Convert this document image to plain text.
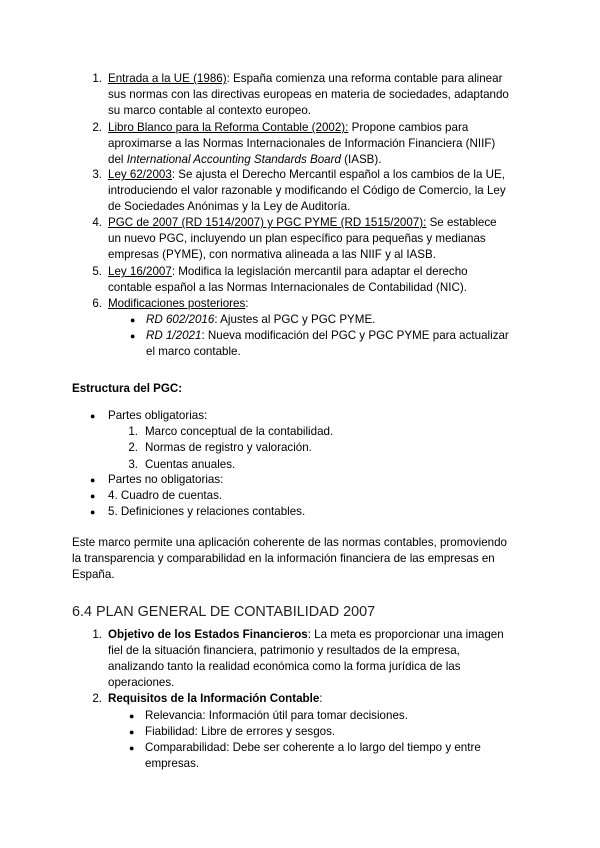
1. Entrada a la UE (1986): España comienza una reforma contable para alinear
sus normas con las directivas europeas en materia de sociedades, adaptando
su marco contable al contexto europeo.
2. Libro Blanco para la Reforma Contable (2002): Propone cambios para
aproximarse a las Normas Internacionales de Información Financiera (NIIF)
del International Accounting Standards Board (IASB).
3. Ley 62/2003: Se ajusta el Derecho Mercantil español a los cambios de la UE,
introduciendo el valor razonable y modificando el Código de Comercio, la Ley
de Sociedades Anónimas y la Ley de Auditoría.
4. PGC de 2007 (RD 1514/2007) y PGC PYME (RD 1515/2007): Se establece
un nuevo PGC, incluyendo un plan específico para pequeñas y medianas
empresas (PYME), con normativa alineada a las NIIF y al IASB.
5. Ley 16/2007: Modifica la legislación mercantil para adaptar el derecho
contable español a las Normas Internacionales de Contabilidad (NIC).
6. Modificaciones posteriores:
● RD 602/2016: Ajustes al PGC y PGC PYME.
● RD 1/2021: Nueva modificación del PGC y PGC PYME para actualizar
el marco contable.
Estructura del PGC:
● Partes obligatorias:
1. Marco conceptual de la contabilidad.
2. Normas de registro y valoración.
3. Cuentas anuales.
● Partes no obligatorias:
● 4. Cuadro de cuentas.
● 5. Definiciones y relaciones contables.
Este marco permite una aplicación coherente de las normas contables, promoviendo
la transparencia y comparabilidad en la información financiera de las empresas en
España.
6.4 PLAN GENERAL DE CONTABILIDAD 2007
1. Objetivo de los Estados Financieros: La meta es proporcionar una imagen
fiel de la situación financiera, patrimonio y resultados de la empresa,
analizando tanto la realidad económica como la forma jurídica de las
operaciones.
2. Requisitos de la Información Contable:
● Relevancia: Información útil para tomar decisiones.
● Fiabilidad: Libre de errores y sesgos.
● Comparabilidad: Debe ser coherente a lo largo del tiempo y entre
empresas.
